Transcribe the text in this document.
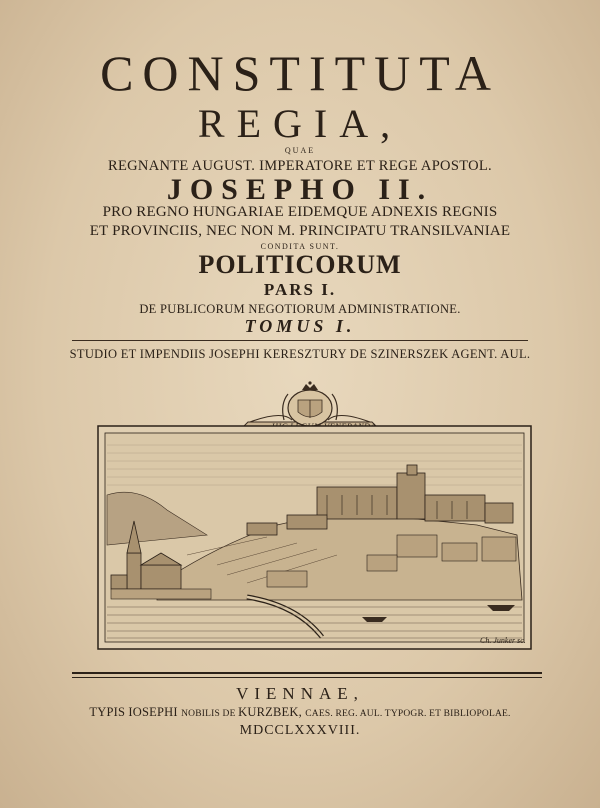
CONSTITUTA
REGIA,
QUAE
REGNANTE AUGUST. IMPERATORE ET REGE APOSTOL.
JOSEPHO II.
PRO REGNO HUNGARIAE EIDEMQUE ADNEXIS REGNIS
ET PROVINCIIS, NEC NON M. PRINCIPATU TRANSILVANIAE
CONDITA SUNT.
POLITICORUM
PARS I.
DE PUBLICORUM NEGOTIORUM ADMINISTRATIONE.
TOMUS I.
STUDIO ET IMPENDIIS JOSEPHI KERESZTURY DE SZINERSZEK AGENT. AUL.
Ch. Junker sc.
VIENNAE,
TYPIS IOSEPHI NOBILIS DE KURZBEK, CAES. REG. AUL. TYPOGR. ET BIBLIOPOLAE.
MDCCLXXXVIII.
